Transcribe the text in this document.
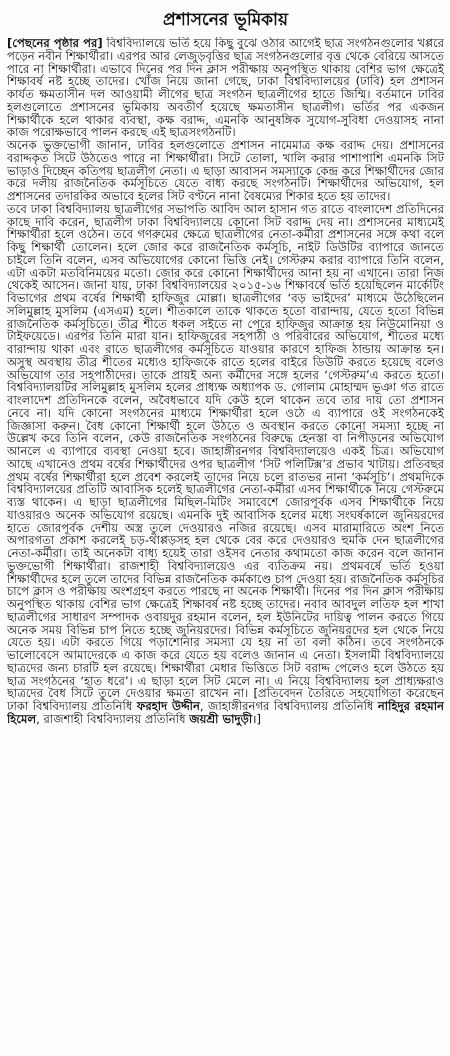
প্রশাসনের ভূমিকায়

[পেছনের পৃষ্ঠার পর] বিশ্ববিদ্যালয়ে ভর্তি হয়ে কিছু বুঝে ওঠার আগেই ছাত্র সংগঠনগুলোর খপ্পরে পড়েন নবীন শিক্ষার্থীরা। এরপর আর লেজুড়বৃত্তির ছাত্র সংগঠনগুলোর বৃত্ত থেকে বেরিয়ে আসতে পারে না শিক্ষার্থীরা। এভাবে দিনের পর দিন ক্লাস পরীক্ষায় অনুপস্থিত থাকায় বেশির ভাগ ক্ষেত্রেই শিক্ষাবর্ষ নষ্ট হচ্ছে তাদের। খোঁজ নিয়ে জানা গেছে, ঢাকা বিশ্ববিদ্যালয়ের (ঢাবি) হল প্রশাসন কার্যত ক্ষমতাসীন দল আওয়ামী লীগের ছাত্র সংগঠন ছাত্রলীগের হাতে জিম্মি। বর্তমানে ঢাবির হলগুলোতে প্রশাসনের ভূমিকায় অবতীর্ণ হয়েছে ক্ষমতাসীন ছাত্রলীগ। ভর্তির পর একজন শিক্ষার্থীকে হলে থাকার ব্যবস্থা, কক্ষ বরাদ্দ, এমনকি আনুষঙ্গিক সুযোগ-সুবিধা দেওয়াসহ নানা কাজ পরোক্ষভাবে পালন করছে এই ছাত্রসংগঠনটি।

অনেক ভুক্তভোগী জানান, ঢাবির হলগুলোতে প্রশাসন নামেমাত্র কক্ষ বরাদ্দ দেয়। প্রশাসনের বরাদ্দকৃত সিটে উঠতেও পারে না শিক্ষার্থীরা। সিটে তোলা, খালি করার পাশাপাশি এমনকি সিট ভাড়াও দিচ্ছেন কতিপয় ছাত্রলীগ নেতা। এ ছাড়া আবাসন সমস্যাকে কেন্দ্র করে শিক্ষার্থীদের জোর করে দলীয় রাজনৈতিক কর্মসূচিতে যেতে বাধ্য করছে সংগঠনটি। শিক্ষার্থীদের অভিযোগ, হল প্রশাসনের তদারকির অভাবে হলের সিট বণ্টনে নানা বৈষম্যের শিকার হতে হয় তাদের।

তবে ঢাকা বিশ্ববিদ্যালয় ছাত্রলীগের সভাপতি আবিদ আল হাসান গত রাতে বাংলাদেশ প্রতিদিনের কাছে দাবি করেন, ছাত্রলীগ ঢাকা বিশ্ববিদ্যালয়ে কোনো সিট বরাদ্দ দেয় না। প্রশাসনের মাধ্যমেই শিক্ষার্থীরা হলে ওঠেন। তবে গণরুমের ক্ষেত্রে ছাত্রলীগের নেতা-কর্মীরা প্রশাসনের সঙ্গে কথা বলে কিছু শিক্ষার্থী তোলেন। হলে জোর করে রাজনৈতিক কর্মসূচি, নাইট ডিউটির ব্যাপারে জানতে চাইলে তিনি বলেন, এসব অভিযোগের কোনো ভিত্তি নেই। গেস্টরুম করার ব্যাপারে তিনি বলেন, এটা একটা মতবিনিময়ের মতো। জোর করে কোনো শিক্ষার্থীদের আনা হয় না এখানে। তারা নিজ থেকেই আসেন। জানা যায়, ঢাকা বিশ্ববিদ্যালয়ের ২০১৫-১৬ শিক্ষাবর্ষে ভর্তি হয়েছিলেন মার্কেটিং বিভাগের প্রথম বর্ষের শিক্ষার্থী হাফিজুর মোল্লা। ছাত্রলীগের ‘বড় ভাইদের’ মাধ্যমে উঠেছিলেন সলিমুল্লাহ মুসলিম (এসএম) হলে। শীতকালে তাকে থাকতে হতো বারান্দায়, যেতে হতো বিভিন্ন রাজনৈতিক কর্মসূচিতে। তীব্র শীতে ধকল সইতে না পেরে হাফিজুর আক্রান্ত হয় নিউমোনিয়া ও টাইফয়েডে। এরপর তিনি মারা যান। হাফিজুরের সহপাঠী ও পরিবারের অভিযোগ, শীতের মধ্যে বারান্দায় থাকা এবং রাতে ছাত্রলীগের কর্মসূচিতে যাওয়ার কারণে হাফিজ ঠান্ডায় আক্রান্ত হন। অসুস্থ অবস্থায় তীব্র শীতের মধ্যেও হাফিজকে রাতে হলের বাইরে ডিউটি করতে হয়েছে বলেও অভিযোগ তার সহপাঠীদের। তাকে প্রায়ই অন্য কর্মীদের সঙ্গে হলের ‘গেস্টরুম’এ করতে হতো। বিশ্ববিদ্যালয়টির সলিমুল্লাহ মুসলিম হলের প্রাধ্যক্ষ অধ্যাপক ড. গোলাম মোহাম্মদ ভূঞা গত রাতে বাংলাদেশ প্রতিদিনকে বলেন, অবৈধভাবে যদি কেউ হলে থাকেন তবে তার দায় তো প্রশাসন নেবে না। যদি কোনো সংগঠনের মাধ্যমে শিক্ষার্থীরা হলে ওঠে এ ব্যাপারে ওই সংগঠনকেই জিজ্ঞাসা করুন। বৈধ কোনো শিক্ষার্থী হলে উঠতে ও অবস্থান করতে কোনো সমস্যা হচ্ছে না উল্লেখ করে তিনি বলেন, কেউ রাজনৈতিক সংগঠনের বিরুদ্ধে হেনস্তা বা নিপীড়নের অভিযোগ আনলে এ ব্যাপারে ব্যবস্থা নেওয়া হবে। জাহাঙ্গীরনগর বিশ্ববিদ্যালয়েও একই চিত্র। অভিযোগ আছে এখানেও প্রথম বর্ষের শিক্ষার্থীদের ওপর ছাত্রলীগ ‘সিট পলিটিক্স’র প্রভাব খাটায়। প্রতিবছর প্রথম বর্ষের শিক্ষার্থীরা হলে প্রবেশ করলেই তাদের নিয়ে চলে রাতভর নানা ‘কর্মসূচি’। প্রথমদিকে বিশ্ববিদ্যালয়ের প্রতিটি আবাসিক হলেই ছাত্রলীগের নেতা-কর্মীরা এসব শিক্ষার্থীকে নিয়ে গেস্টরুমে ব্যস্ত থাকেন। এ ছাড়া ছাত্রলীগের মিছিল-মিটিং সমাবেশে জোরপূর্বক এসব শিক্ষার্থীকে নিয়ে যাওয়ারও অনেক অভিযোগ রয়েছে। এমনকি দুই আবাসিক হলের মধ্যে সংঘর্ষকালে জুনিয়রদের হাতে জোরপূর্বক দেশীয় অস্ত্র তুলে দেওয়ারও নজির রয়েছে। এসব মারামারিতে অংশ নিতে অপারগতা প্রকাশ করলেই চড়-থাপ্পড়সহ হল থেকে বের করে দেওয়ারও হুমকি দেন ছাত্রলীগের নেতা-কর্মীরা। তাই অনেকটা বাধ্য হয়েই তারা ওইসব নেতার কথামতো কাজ করেন বলে জানান ভুক্তভোগী শিক্ষার্থীরা। রাজশাহী বিশ্ববিদ্যালয়েও এর ব্যতিক্রম নয়। প্রথমবর্ষে ভর্তি হওয়া শিক্ষার্থীদের হলে তুলে তাদের বিভিন্ন রাজনৈতিক কর্মকাণ্ডে চাপ দেওয়া হয়। রাজনৈতিক কর্মসূচির চাপে ক্লাস ও পরীক্ষায় অংশগ্রহণ করতে পারছে না অনেক শিক্ষার্থী। দিনের পর দিন ক্লাস পরীক্ষায় অনুপস্থিত থাকায় বেশির ভাগ ক্ষেত্রেই শিক্ষাবর্ষ নষ্ট হচ্ছে তাদের। নবাব আবদুল লতিফ হল শাখা ছাত্রলীগের সাধারণ সম্পাদক ওবায়দুর রহমান বলেন, হল ইউনিটের দায়িত্ব পালন করতে গিয়ে অনেক সময় বিভিন্ন চাপ নিতে হচ্ছে জুনিয়রদের। বিভিন্ন কর্মসূচিতে জুনিয়রদের হল থেকে নিয়ে যেতে হয়। এটা করতে গিয়ে পড়াশোনার সমস্যা যে হয় না তা বলা কঠিন। তবে সংগঠনকে ভালোবেসে আমাদেরকে এ কাজ করে যেতে হয় বলেও জানান এ নেতা। ইসলামী বিশ্ববিদ্যালয়ে ছাত্রদের জন্য চারটি হল রয়েছে। শিক্ষার্থীরা মেধার ভিত্তিতে সিট বরাদ্দ পেলেও হলে উঠতে হয় ছাত্র সংগঠনের ‘হাত ধরে’। এ ছাড়া হলে সিট মেলে না। এ নিয়ে বিশ্ববিদ্যালয় হল প্রাধ্যক্ষরাও ছাত্রদের বৈধ সিটে তুলে দেওয়ার ক্ষমতা রাখেন না। [প্রতিবেদন তৈরিতে সহযোগিতা করেছেন ঢাকা বিশ্ববিদ্যালয় প্রতিনিধি ফরহাদ উদ্দীন, জাহাঙ্গীরনগর বিশ্ববিদ্যালয় প্রতিনিধি নাহিদুর রহমান হিমেল, রাজশাহী বিশ্ববিদ্যালয় প্রতিনিধি জয়শ্রী ভাদুড়ী।]
